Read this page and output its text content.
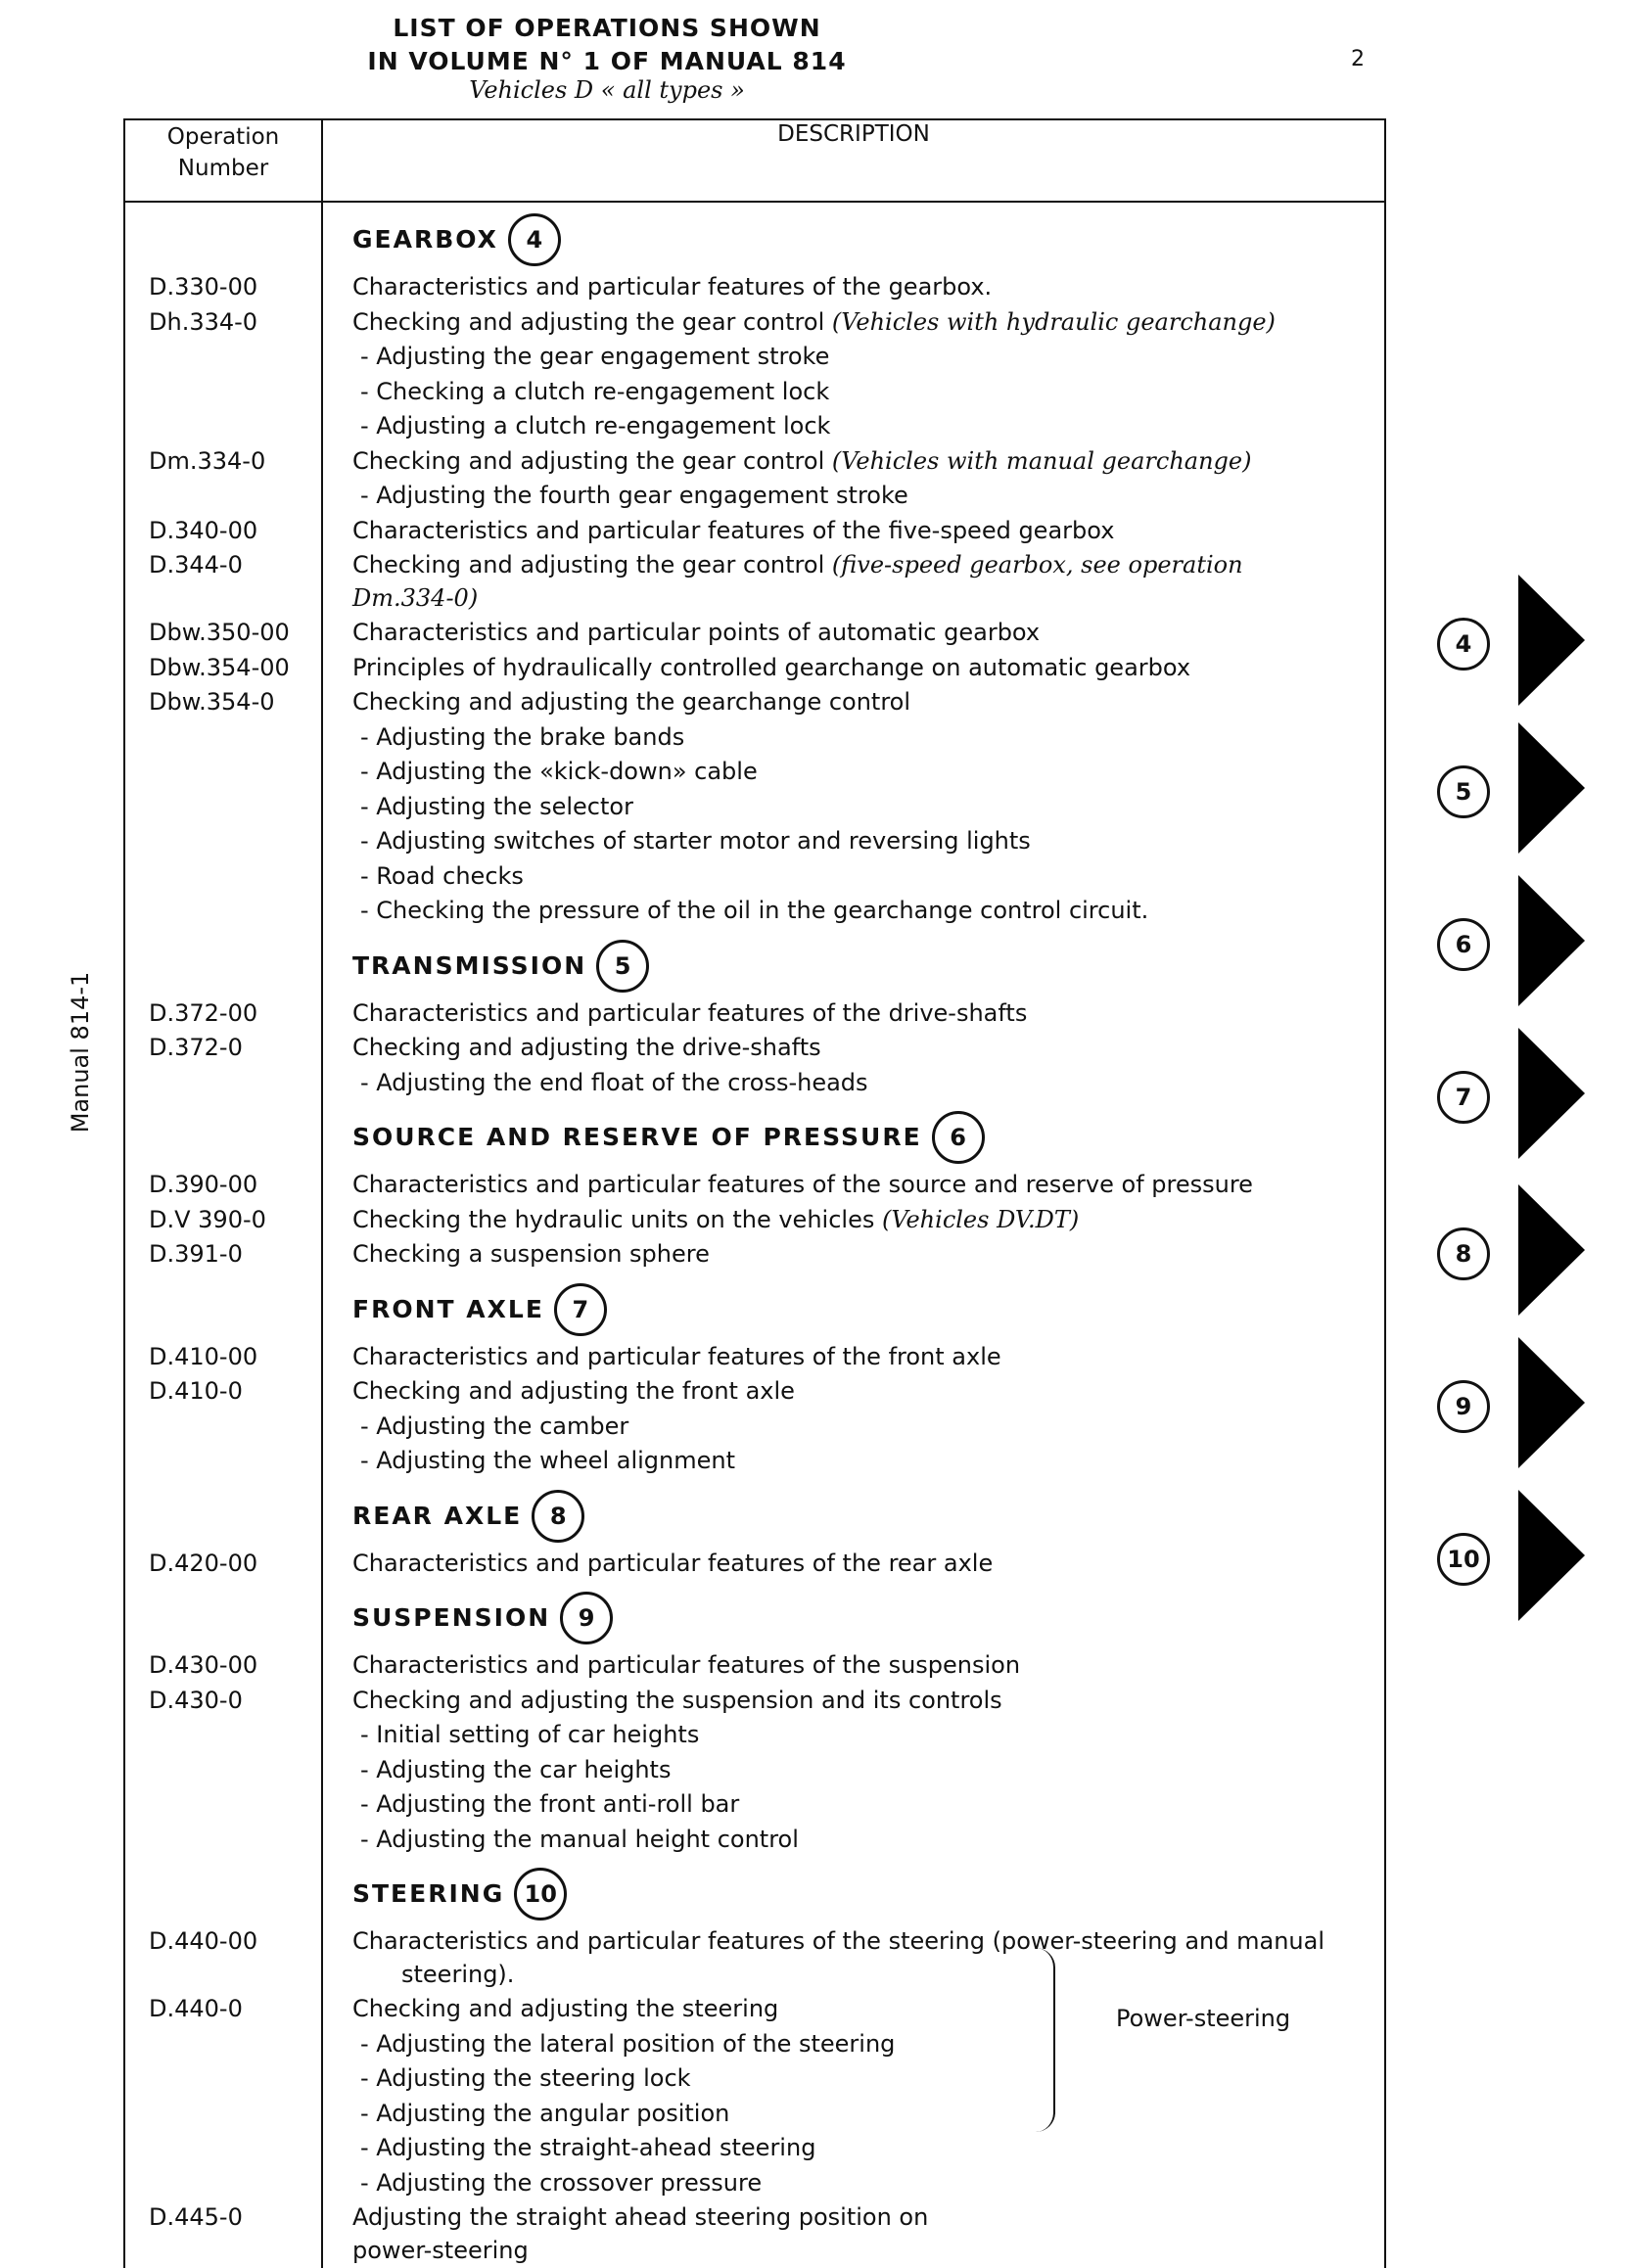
LIST OF OPERATIONS SHOWN
IN VOLUME N° 1 OF MANUAL 814
Vehicles D « all types »
2
Manual 814-1
Operation
Number	DESCRIPTION
	GEARBOX 4
D.330-00	Characteristics and particular features of the gearbox.
Dh.334-0	Checking and adjusting the gear control (Vehicles with hydraulic gearchange)
	- Adjusting the gear engagement stroke
	- Checking a clutch re-engagement lock
	- Adjusting a clutch re-engagement lock
Dm.334-0	Checking and adjusting the gear control (Vehicles with manual gearchange)
	- Adjusting the fourth gear engagement stroke
D.340-00	Characteristics and particular features of the five-speed gearbox
D.344-0	Checking and adjusting the gear control (five-speed gearbox, see operation
Dm.334-0)
Dbw.350-00	Characteristics and particular points of automatic gearbox
Dbw.354-00	Principles of hydraulically controlled gearchange on automatic gearbox
Dbw.354-0	Checking and adjusting the gearchange control
	- Adjusting the brake bands
	- Adjusting the «kick-down» cable
	- Adjusting the selector
	- Adjusting switches of starter motor and reversing lights
	- Road checks
	- Checking the pressure of the oil in the gearchange control circuit.
	TRANSMISSION 5
D.372-00	Characteristics and particular features of the drive-shafts
D.372-0	Checking and adjusting the drive-shafts
	- Adjusting the end float of the cross-heads
	SOURCE AND RESERVE OF PRESSURE 6
D.390-00	Characteristics and particular features of the source and reserve of pressure
D.V 390-0	Checking the hydraulic units on the vehicles (Vehicles DV.DT)
D.391-0	Checking a suspension sphere
	FRONT AXLE 7
D.410-00	Characteristics and particular features of the front axle
D.410-0	Checking and adjusting the front axle
	- Adjusting the camber
	- Adjusting the wheel alignment
	REAR AXLE 8
D.420-00	Characteristics and particular features of the rear axle
	SUSPENSION 9
D.430-00	Characteristics and particular features of the suspension
D.430-0	Checking and adjusting the suspension and its controls
	- Initial setting of car heights
	- Adjusting the car heights
	- Adjusting the front anti-roll bar
	- Adjusting the manual height control
	STEERING 10
D.440-00	Characteristics and particular features of the steering (power-steering and manual
steering).
D.440-0	Checking and adjusting the steering
	- Adjusting the lateral position of the steering
	- Adjusting the steering lock
	- Adjusting the angular position
	- Adjusting the straight-ahead steering
	- Adjusting the crossover pressure
D.445-0	Adjusting the straight ahead steering position on
power-steering
Power-steering
4
5
6
7
8
9
10
